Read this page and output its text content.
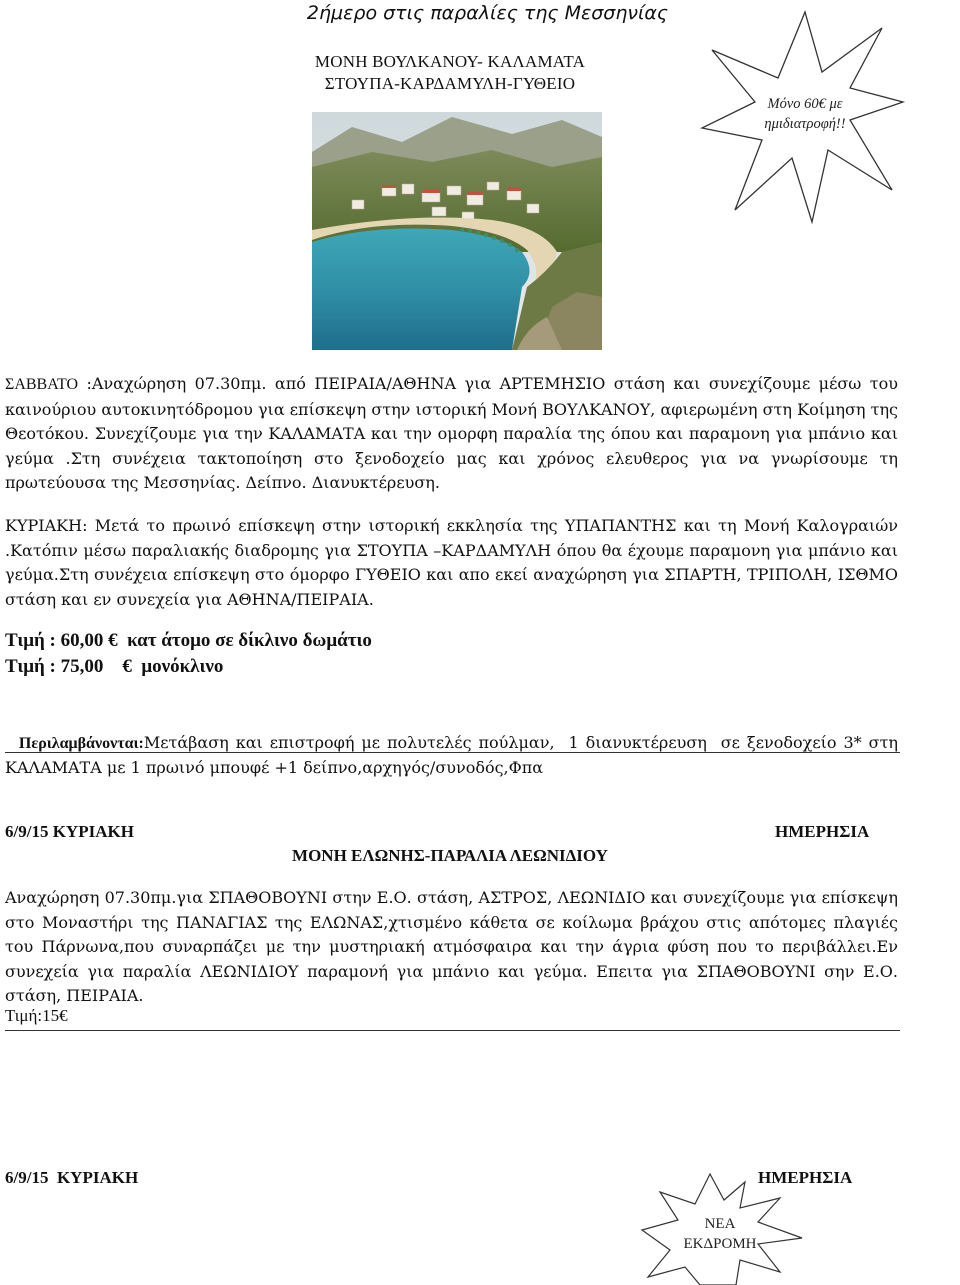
2ήμερο στις παραλίες της Μεσσηνίας
ΜΟΝΗ ΒΟΥΛΚΑΝΟΥ- ΚΑΛΑΜΑΤΑ
ΣΤΟΥΠΑ-ΚΑΡΔΑΜΥΛΗ-ΓΥΘΕΙΟ
Μόνο 60€ με ημιδιατροφή!!
ΣΑΒΒΑΤΟ :Αναχώρηση 07.30πμ. από ΠΕΙΡΑΙΑ/ΑΘΗΝΑ για ΑΡΤΕΜΗΣΙΟ στάση και συνεχίζουμε μέσω του καινούριου αυτοκινητόδρομου για επίσκεψη στην ιστορική Μονή ΒΟΥΛΚΑΝΟΥ, αφιερωμένη στη Κοίμηση της Θεοτόκου. Συνεχίζουμε για την ΚΑΛΑΜΑΤΑ και την ομορφη παραλία της όπου και παραμονη για μπάνιο και γεύμα .Στη συνέχεια τακτοποίηση στο ξενοδοχείο μας και χρόνος ελευθερος για να γνωρίσουμε τη πρωτεύουσα της Μεσσηνίας. Δείπνο. Διανυκτέρευση.
ΚΥΡΙΑΚΗ: Μετά το πρωινό επίσκεψη στην ιστορική εκκλησία της ΥΠΑΠΑΝΤΗΣ και τη Μονή Καλογραιών .Κατόπιν μέσω παραλιακής διαδρομης για ΣΤΟΥΠΑ –ΚΑΡΔΑΜΥΛΗ όπου θα έχουμε παραμονη για μπάνιο και γεύμα.Στη συνέχεια επίσκεψη στο όμορφο ΓΥΘΕΙΟ και απο εκεί αναχώρηση για ΣΠΑΡΤΗ, ΤΡΙΠΟΛΗ, ΙΣΘΜΟ στάση και εν συνεχεία για ΑΘΗΝΑ/ΠΕΙΡΑΙΑ.
Τιμή : 60,00 €  κατ άτομο σε δίκλινο δωμάτιο
Τιμή : 75,00    €  μονόκλινο

Περιλαμβάνονται:Μετάβαση και επιστροφή με πολυτελές πούλμαν,  1 διανυκτέρευση  σε ξενοδοχείο 3* στη ΚΑΛΑΜΑΤΑ με 1 πρωινό μπουφέ +1 δείπνο,αρχηγός/συνοδός,Φπα

6/9/15 ΚΥΡΙΑΚΗ	ΗΜΕΡΗΣΙΑ
ΜΟΝΗ ΕΛΩΝΗΣ-ΠΑΡΑΛΙΑ ΛΕΩΝΙΔΙΟΥ
Αναχώρηση 07.30πμ.για ΣΠΑΘΟΒΟΥΝΙ στην Ε.Ο. στάση, ΑΣΤΡΟΣ, ΛΕΩΝΙΔΙΟ και συνεχίζουμε για επίσκεψη στο Μοναστήρι της ΠΑΝΑΓΙΑΣ της ΕΛΩΝΑΣ,χτισμένο κάθετα σε κοίλωμα βράχου στις απότομες πλαγιές του Πάρνωνα,που συναρπάζει με την μυστηριακή ατμόσφαιρα και την άγρια φύση που το περιβάλλει.Εν συνεχεία για παραλία ΛΕΩΝΙΔΙΟΥ παραμονή για μπάνιο και γεύμα. Επειτα για ΣΠΑΘΟΒΟΥΝΙ σην Ε.Ο. στάση, ΠΕΙΡΑΙΑ.
Τιμή:15€
6/9/15  ΚΥΡΙΑΚΗ	ΗΜΕΡΗΣΙΑ
ΝΕΑ
ΕΚΔΡΟΜΗ
